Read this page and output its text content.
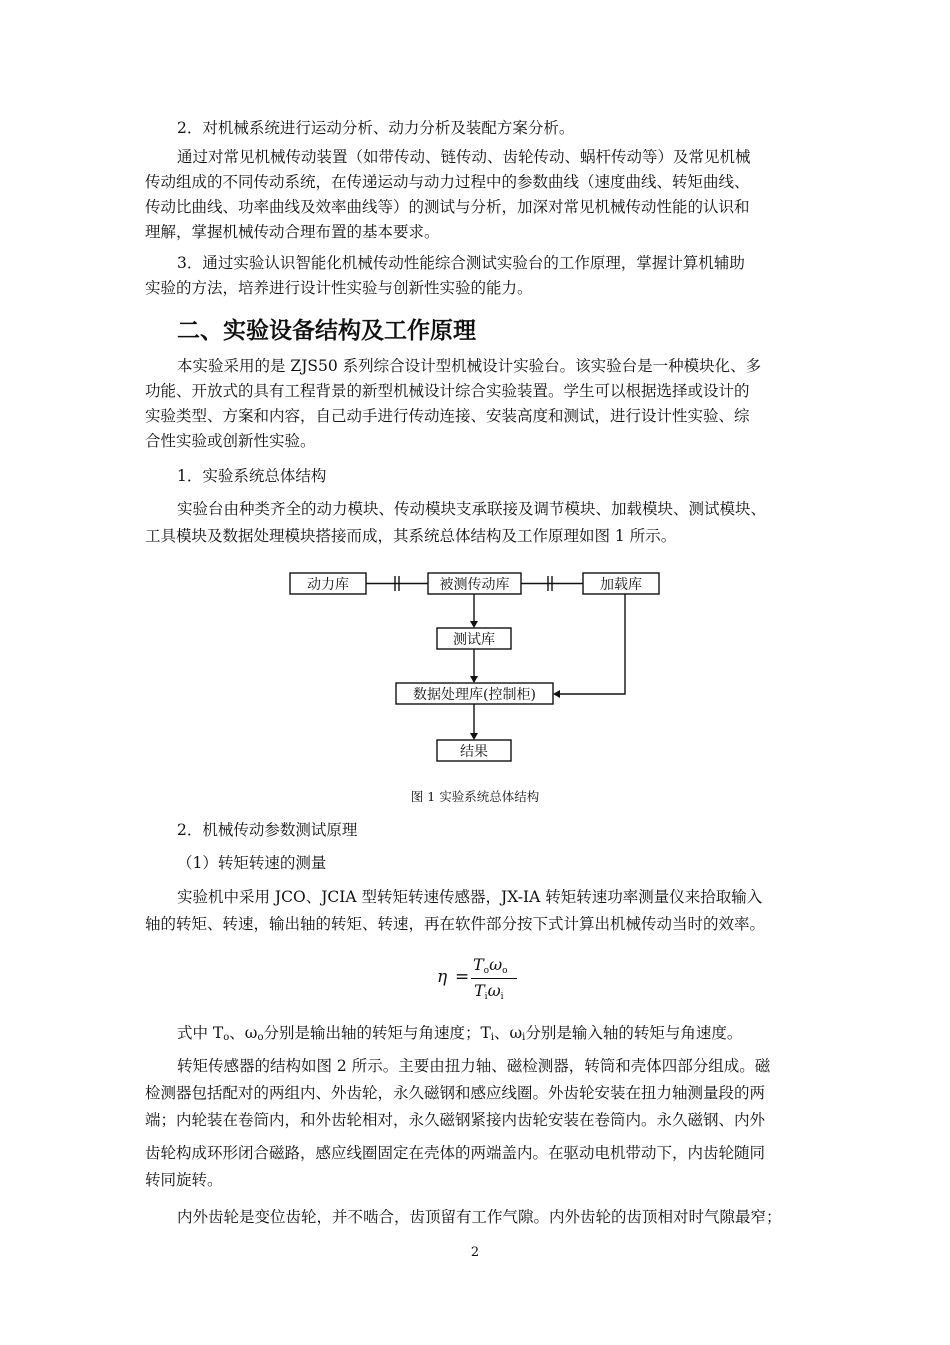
2．对机械系统进行运动分析、动力分析及装配方案分析。
通过对常见机械传动装置（如带传动、链传动、齿轮传动、蜗杆传动等）及常见机械
传动组成的不同传动系统，在传递运动与动力过程中的参数曲线（速度曲线、转矩曲线、
传动比曲线、功率曲线及效率曲线等）的测试与分析，加深对常见机械传动性能的认识和
理解，掌握机械传动合理布置的基本要求。
3．通过实验认识智能化机械传动性能综合测试实验台的工作原理，掌握计算机辅助
实验的方法，培养进行设计性实验与创新性实验的能力。
二、实验设备结构及工作原理
本实验采用的是 ZJS50 系列综合设计型机械设计实验台。该实验台是一种模块化、多
功能、开放式的具有工程背景的新型机械设计综合实验装置。学生可以根据选择或设计的
实验类型、方案和内容，自己动手进行传动连接、安装高度和测试，进行设计性实验、综
合性实验或创新性实验。
1．实验系统总体结构
实验台由种类齐全的动力模块、传动模块支承联接及调节模块、加载模块、测试模块、
工具模块及数据处理模块搭接而成，其系统总体结构及工作原理如图 1 所示。
动力库	被测传动库	加载库
测试库
数据处理库(控制柜)
结果
图 1 实验系统总体结构
2．机械传动参数测试原理
（1）转矩转速的测量
实验机中采用 JCO、JCIA 型转矩转速传感器，JX-IA 转矩转速功率测量仪来拾取输入
轴的转矩、转速，输出轴的转矩、转速，再在软件部分按下式计算出机械传动当时的效率。
η =
$T_o\omega_o$
$T_i\omega_i$
式中 $T_o$、$\omega_o$分别是输出轴的转矩与角速度；$T_i$、$\omega_i$分别是输入轴的转矩与角速度。
转矩传感器的结构如图 2 所示。主要由扭力轴、磁检测器，转筒和壳体四部分组成。磁
检测器包括配对的两组内、外齿轮，永久磁钢和感应线圈。外齿轮安装在扭力轴测量段的两
端；内轮装在卷筒内，和外齿轮相对，永久磁钢紧接内齿轮安装在卷筒内。永久磁钢、内外
齿轮构成环形闭合磁路，感应线圈固定在壳体的两端盖内。在驱动电机带动下，内齿轮随同
转同旋转。
内外齿轮是变位齿轮，并不啮合，齿顶留有工作气隙。内外齿轮的齿顶相对时气隙最窄；
2
